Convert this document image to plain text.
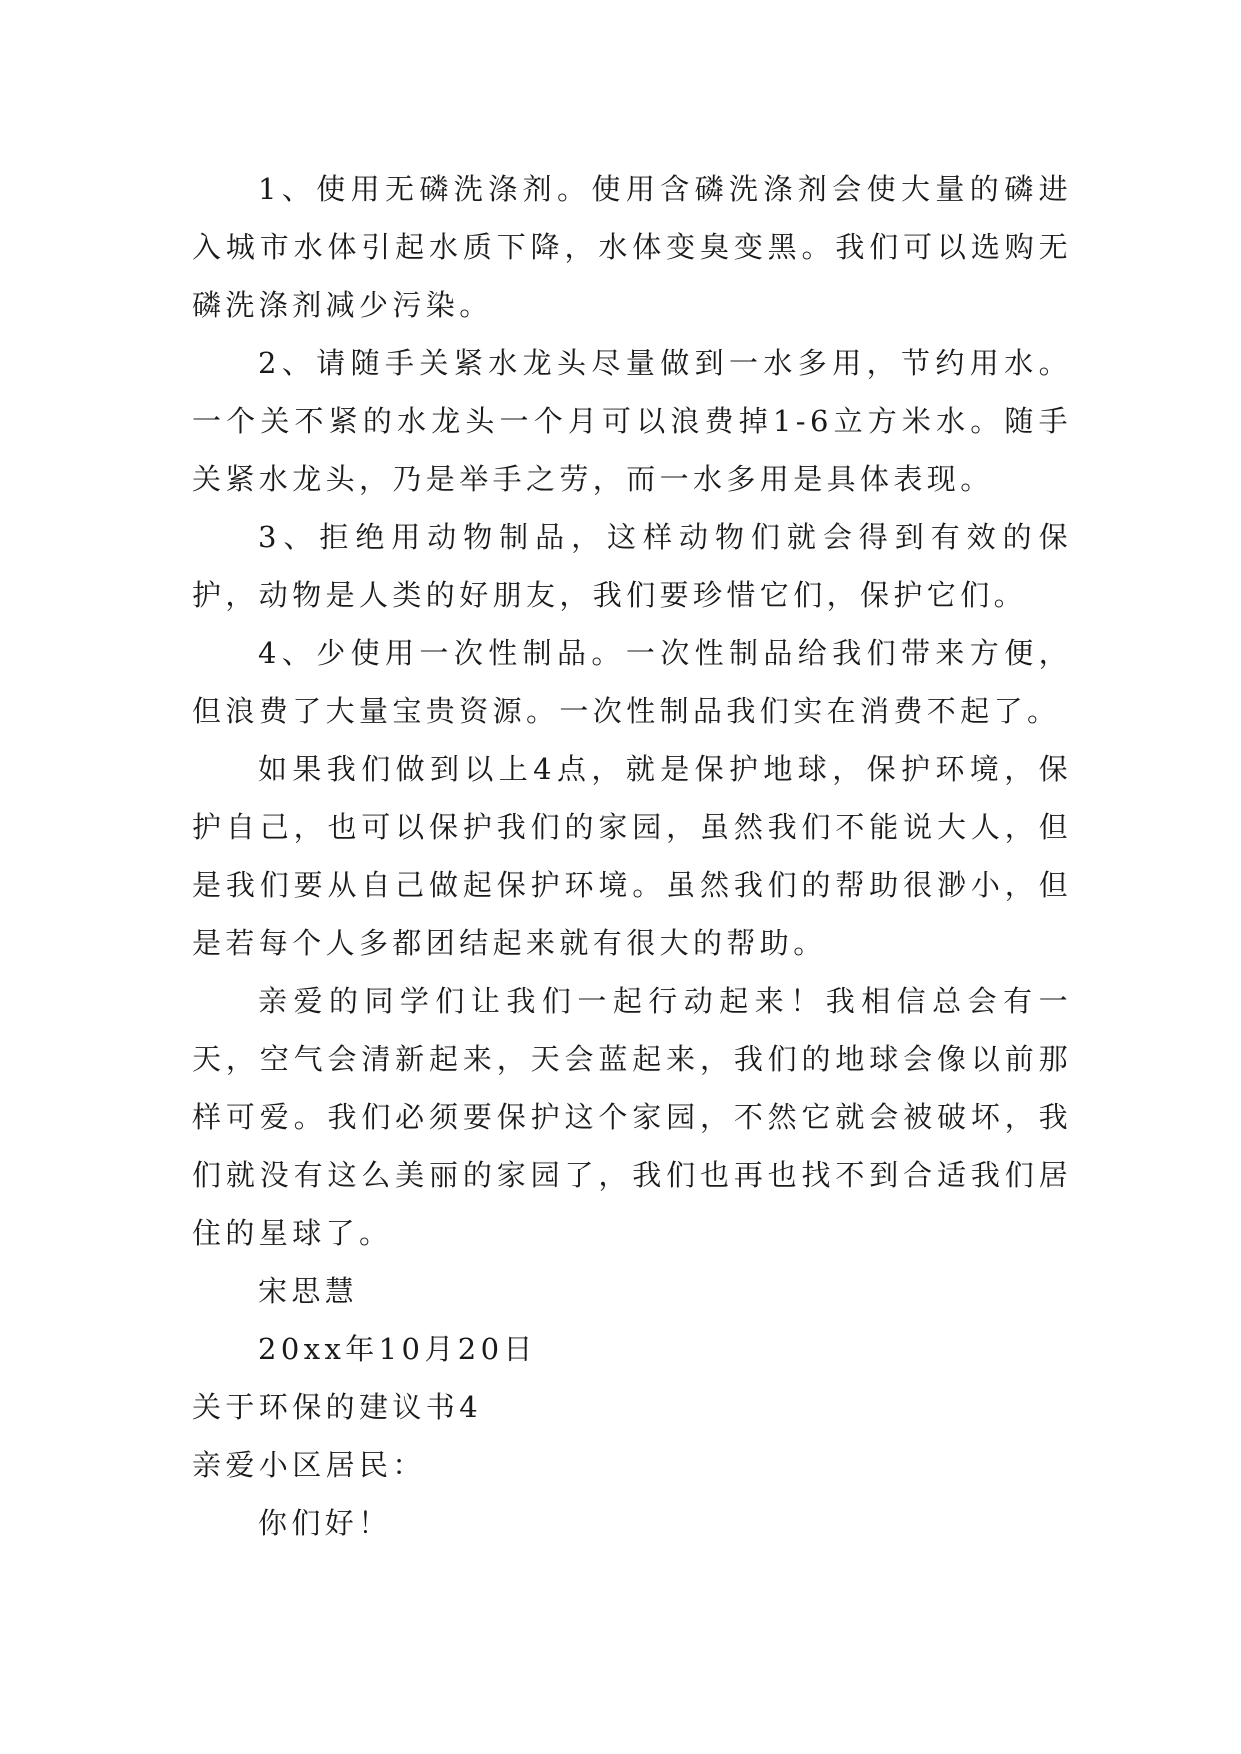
1、使用无磷洗涤剂。使用含磷洗涤剂会使大量的磷进入城市水体引起水质下降，水体变臭变黑。我们可以选购无磷洗涤剂减少污染。

2、请随手关紧水龙头尽量做到一水多用，节约用水。一个关不紧的水龙头一个月可以浪费掉1-6立方米水。随手关紧水龙头，乃是举手之劳，而一水多用是具体表现。

3、拒绝用动物制品，这样动物们就会得到有效的保护，动物是人类的好朋友，我们要珍惜它们，保护它们。

4、少使用一次性制品。一次性制品给我们带来方便，但浪费了大量宝贵资源。一次性制品我们实在消费不起了。

如果我们做到以上4点，就是保护地球，保护环境，保护自己，也可以保护我们的家园，虽然我们不能说大人，但是我们要从自己做起保护环境。虽然我们的帮助很渺小，但是若每个人多都团结起来就有很大的帮助。

亲爱的同学们让我们一起行动起来！我相信总会有一天，空气会清新起来，天会蓝起来，我们的地球会像以前那样可爱。我们必须要保护这个家园，不然它就会被破坏，我们就没有这么美丽的家园了，我们也再也找不到合适我们居住的星球了。

宋思慧

20xx年10月20日

关于环保的建议书4

亲爱小区居民：

你们好！
